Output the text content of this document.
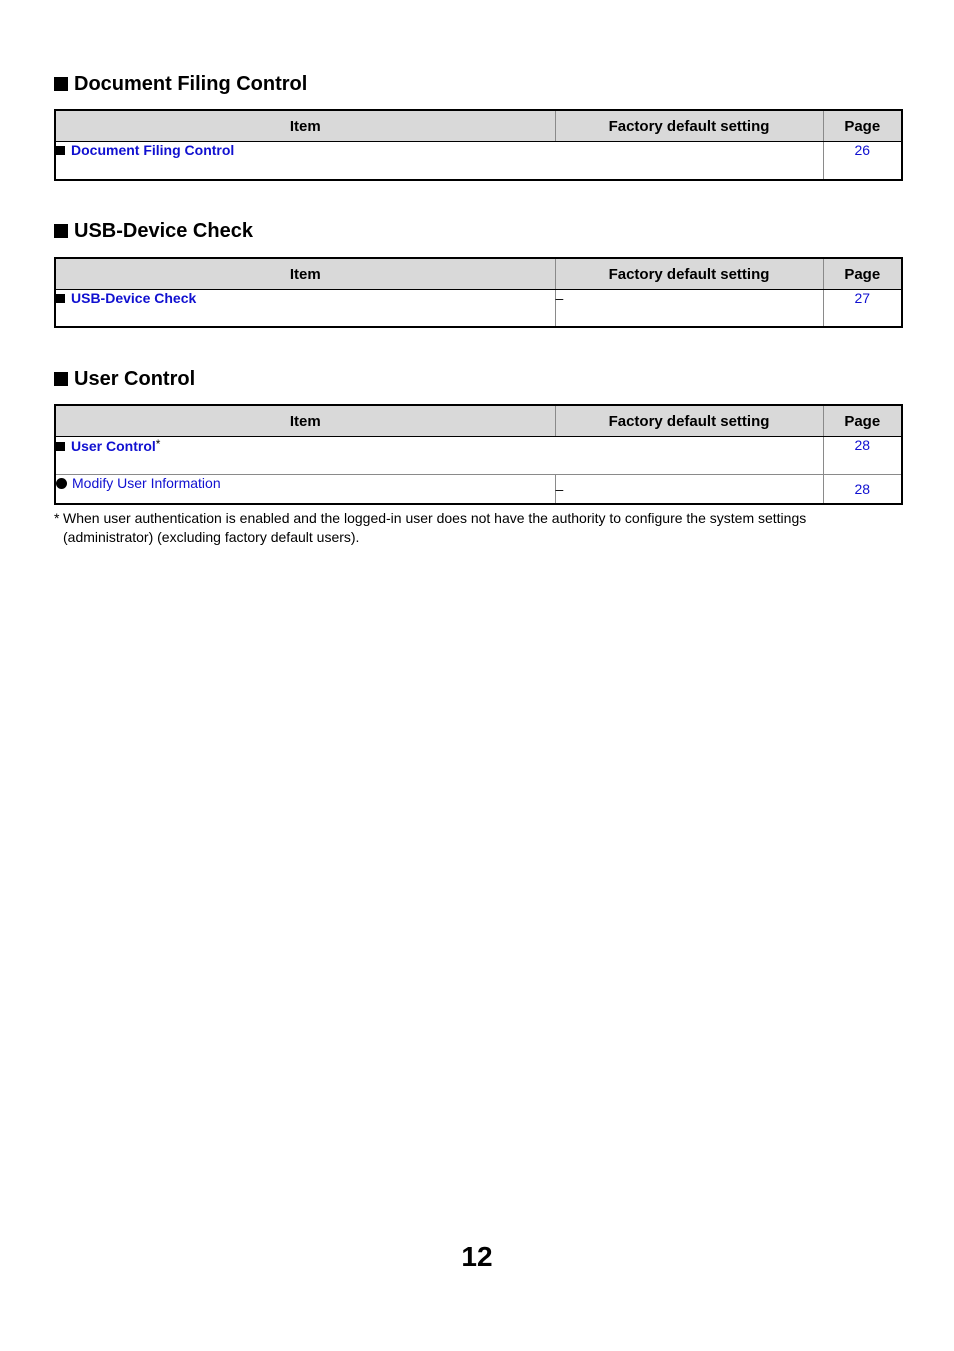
Document Filing Control
Item	Factory default setting	Page
Document Filing Control		26
USB-Device Check
Item	Factory default setting	Page
USB-Device Check	–	27
User Control
Item	Factory default setting	Page
User Control*		28
Modify User Information	–	28
* When user authentication is enabled and the logged-in user does not have the authority to configure the system settings (administrator) (excluding factory default users).
12
